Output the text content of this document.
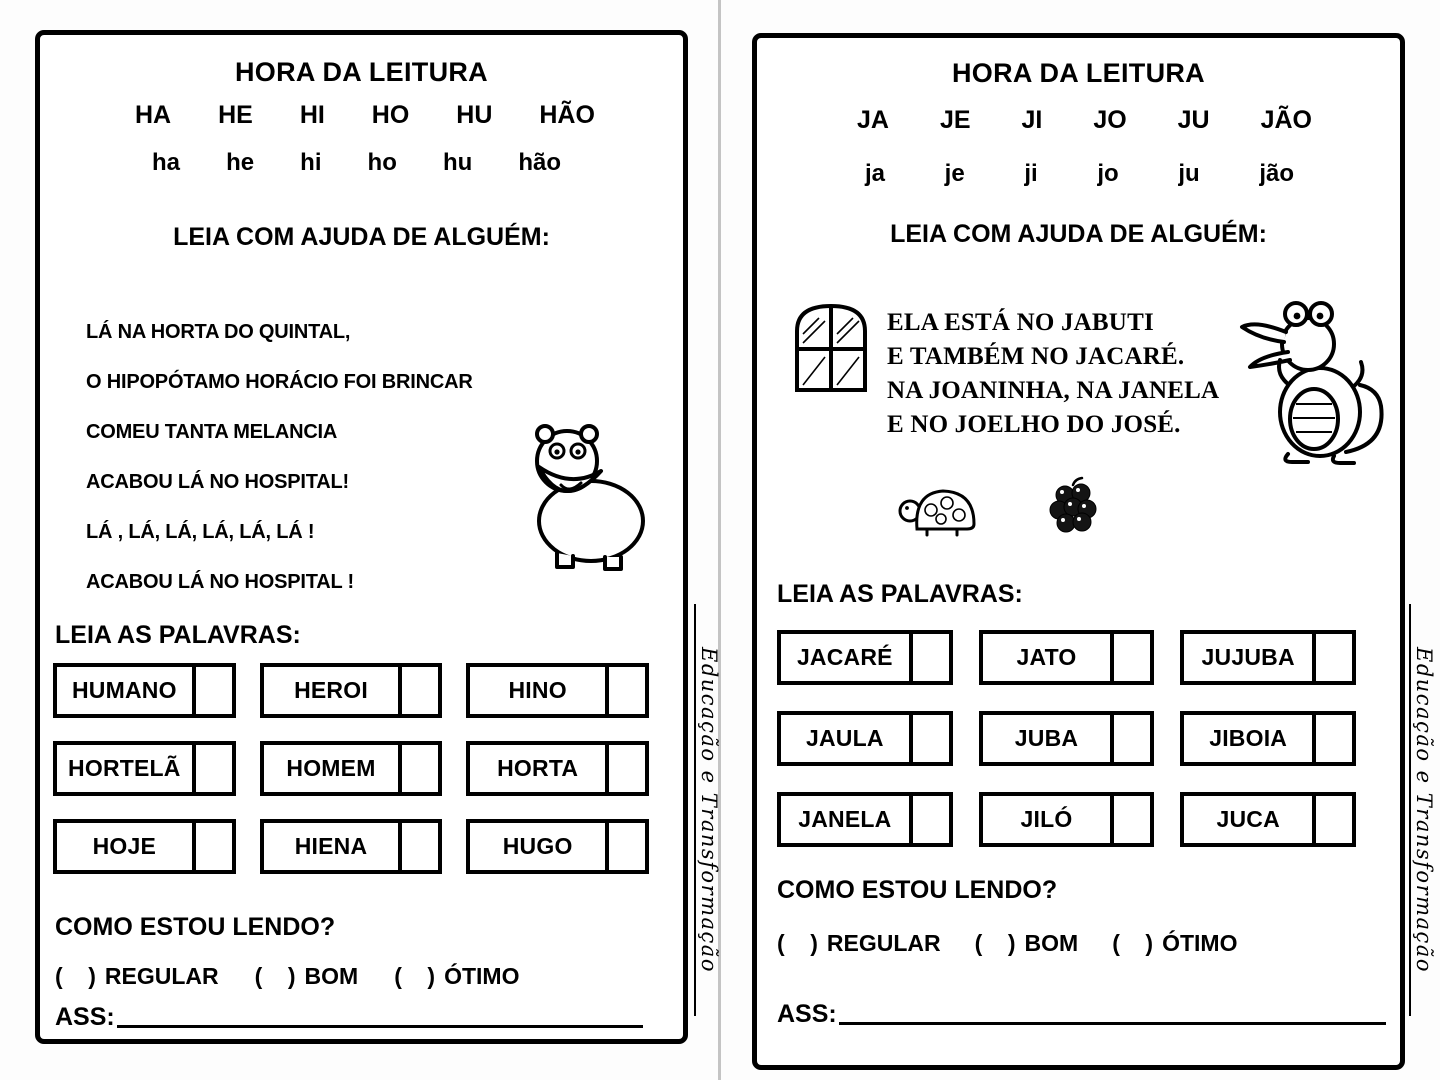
HORA DA LEITURA
HA HE HI HO HU HÃO
ha he hi ho hu hão
LEIA COM AJUDA DE ALGUÉM:
LÁ NA HORTA DO QUINTAL,
O HIPOPÓTAMO HORÁCIO FOI BRINCAR
COMEU TANTA MELANCIA
ACABOU LÁ NO HOSPITAL!
LÁ , LÁ, LÁ, LÁ, LÁ, LÁ !
ACABOU LÁ NO HOSPITAL !
LEIA AS PALAVRAS:
HUMANO	HEROI	HINO
HORTELÃ	HOMEM	HORTA
HOJE	HIENA	HUGO
COMO ESTOU LENDO?
(    ) REGULAR (    ) BOM (    ) ÓTIMO
ASS:
Educação e Transformação
HORA DA LEITURA
JA JE JI JO JU JÃO
ja je ji jo ju jão
LEIA COM AJUDA DE ALGUÉM:
ELA ESTÁ NO JABUTI
E TAMBÉM NO JACARÉ.
NA JOANINHA, NA JANELA
E NO JOELHO DO JOSÉ.
LEIA AS PALAVRAS:
JACARÉ	JATO	JUJUBA
JAULA	JUBA	JIBOIA
JANELA	JILÓ	JUCA
COMO ESTOU LENDO?
(    ) REGULAR (    ) BOM (    ) ÓTIMO
ASS:
Educação e Transformação
